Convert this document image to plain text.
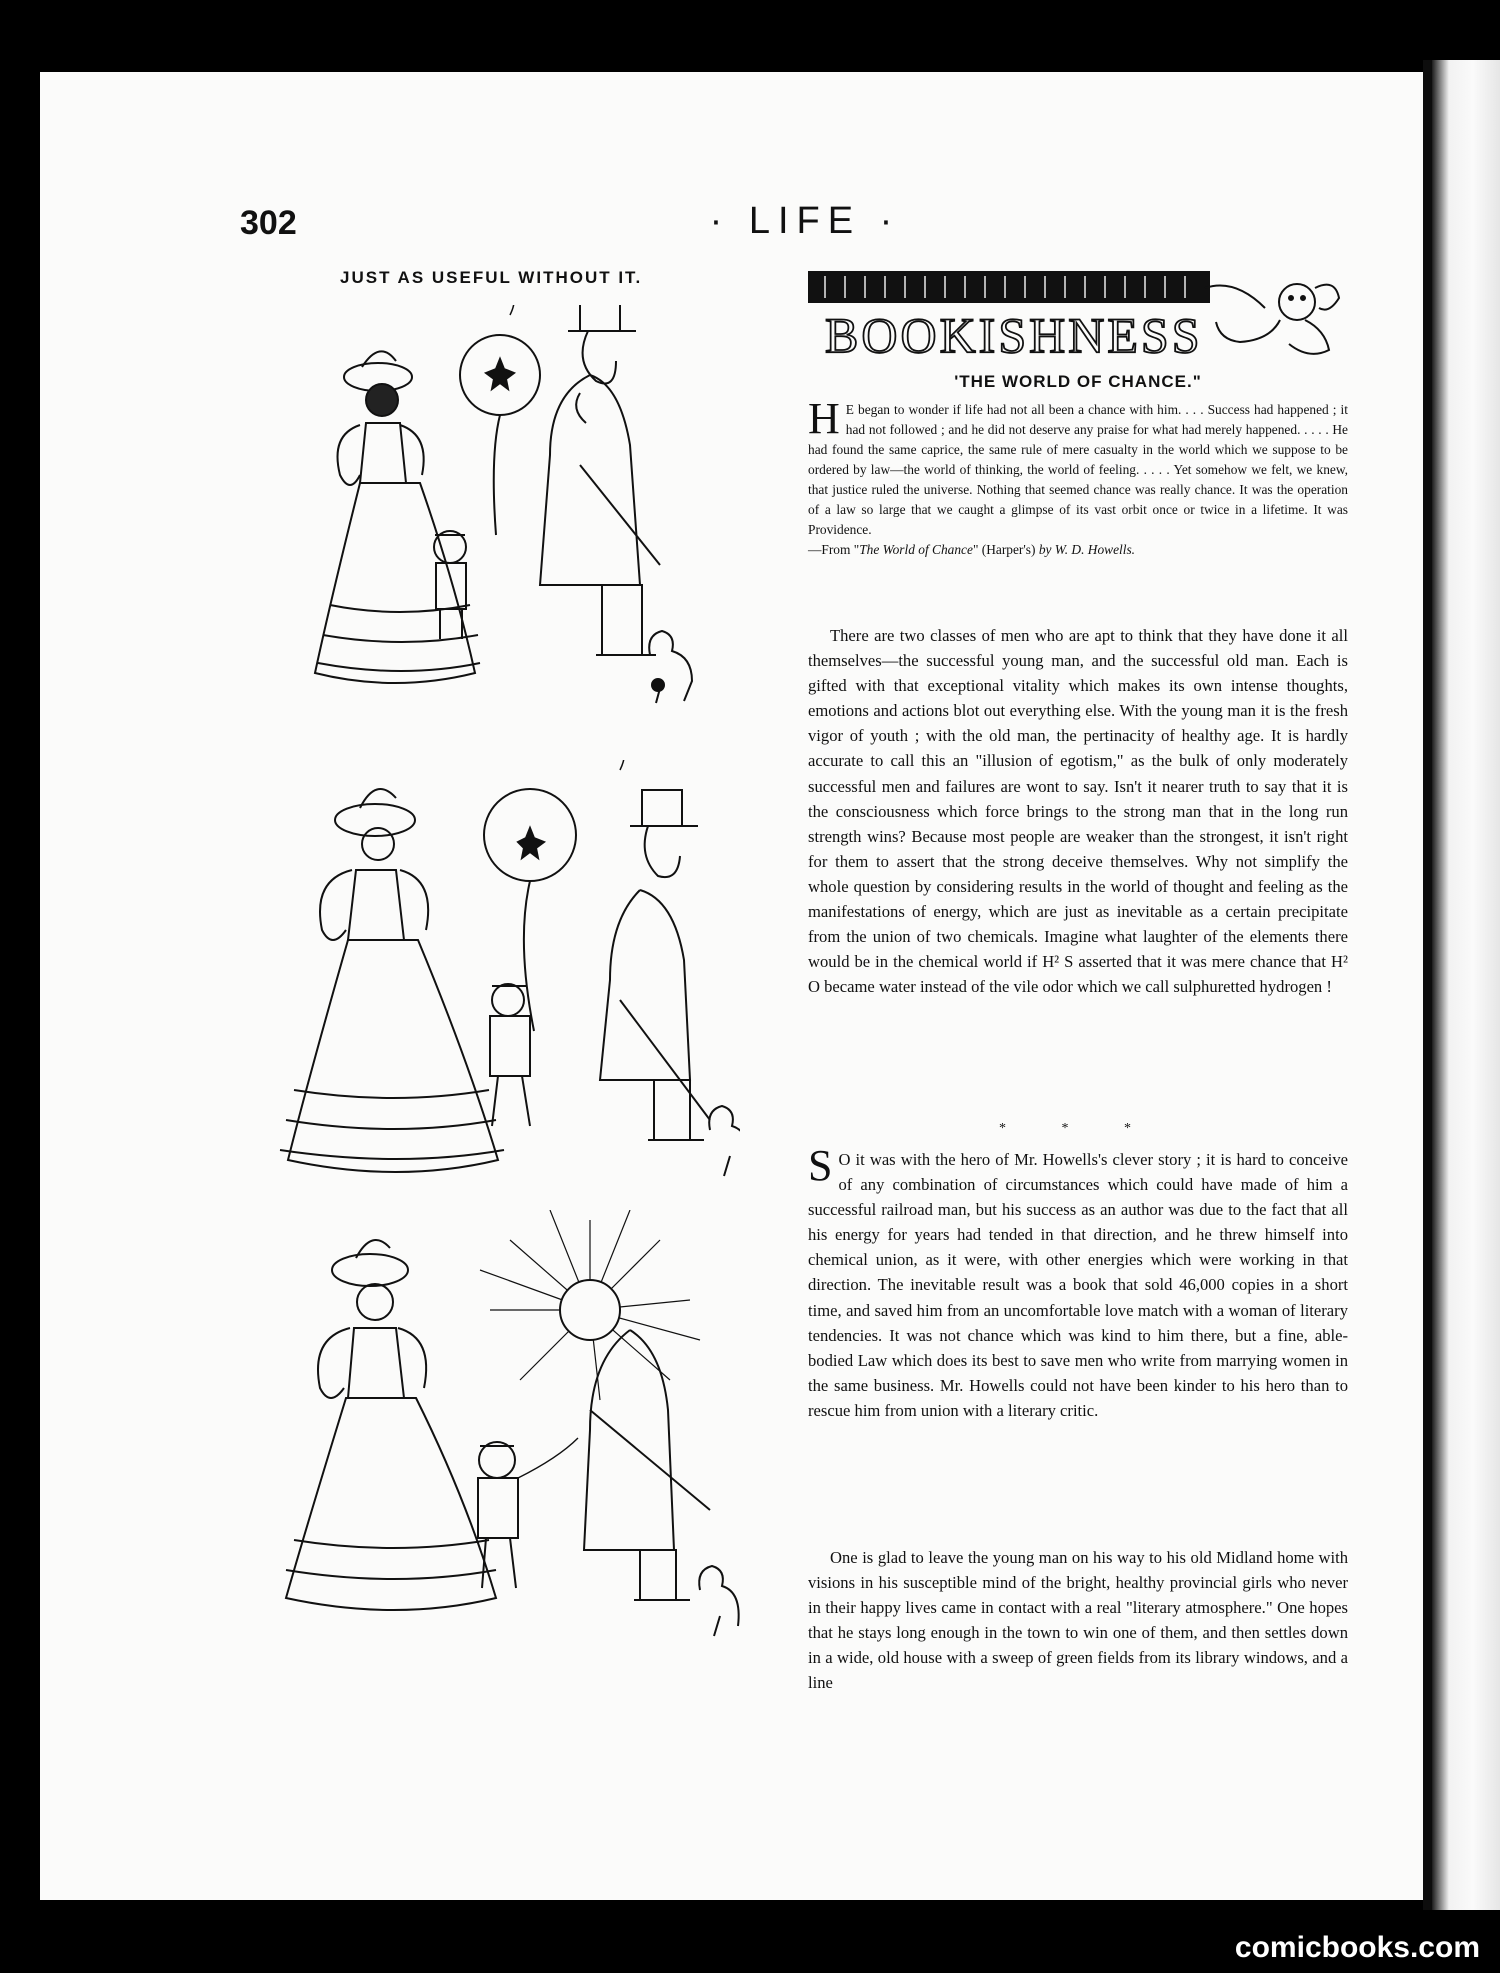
302	· LIFE ·
JUST AS USEFUL WITHOUT IT.
BOOKISHNESS
'THE WORLD OF CHANCE."
H E began to wonder if life had not all been a chance with him. . . . Success had happened ; it had not followed ; and he did not deserve any praise for what had merely happened. . . . . He had found the same caprice, the same rule of mere casualty in the world which we suppose to be ordered by law—the world of thinking, the world of feeling. . . . . Yet somehow we felt, we knew, that justice ruled the universe. Nothing that seemed chance was really chance. It was the operation of a law so large that we caught a glimpse of its vast orbit once or twice in a lifetime. It was Providence.
—From "The World of Chance" (Harper's) by W. D. Howells.
There are two classes of men who are apt to think that they have done it all themselves—the successful young man, and the successful old man. Each is gifted with that exceptional vitality which makes its own intense thoughts, emotions and actions blot out everything else. With the young man it is the fresh vigor of youth ; with the old man, the pertinacity of healthy age. It is hardly accurate to call this an "illusion of egotism," as the bulk of only moderately successful men and failures are wont to say. Isn't it nearer truth to say that it is the consciousness which force brings to the strong man that in the long run strength wins? Because most people are weaker than the strongest, it isn't right for them to assert that the strong deceive themselves. Why not simplify the whole question by considering results in the world of thought and feeling as the manifestations of energy, which are just as inevitable as a certain precipitate from the union of two chemicals. Imagine what laughter of the elements there would be in the chemical world if H² S asserted that it was mere chance that H² O became water instead of the vile odor which we call sulphuretted hydrogen !
* * *
S O it was with the hero of Mr. Howells's clever story ; it is hard to conceive of any combination of circumstances which could have made of him a successful railroad man, but his success as an author was due to the fact that all his energy for years had tended in that direction, and he threw himself into chemical union, as it were, with other energies which were working in that direction. The inevitable result was a book that sold 46,000 copies in a short time, and saved him from an uncomfortable love match with a woman of literary tendencies. It was not chance which was kind to him there, but a fine, able-bodied Law which does its best to save men who write from marrying women in the same business. Mr. Howells could not have been kinder to his hero than to rescue him from union with a literary critic.
One is glad to leave the young man on his way to his old Midland home with visions in his susceptible mind of the bright, healthy provincial girls who never in their happy lives came in contact with a real "literary atmosphere." One hopes that he stays long enough in the town to win one of them, and then settles down in a wide, old house with a sweep of green fields from its library windows, and a line
comicbooks.com
